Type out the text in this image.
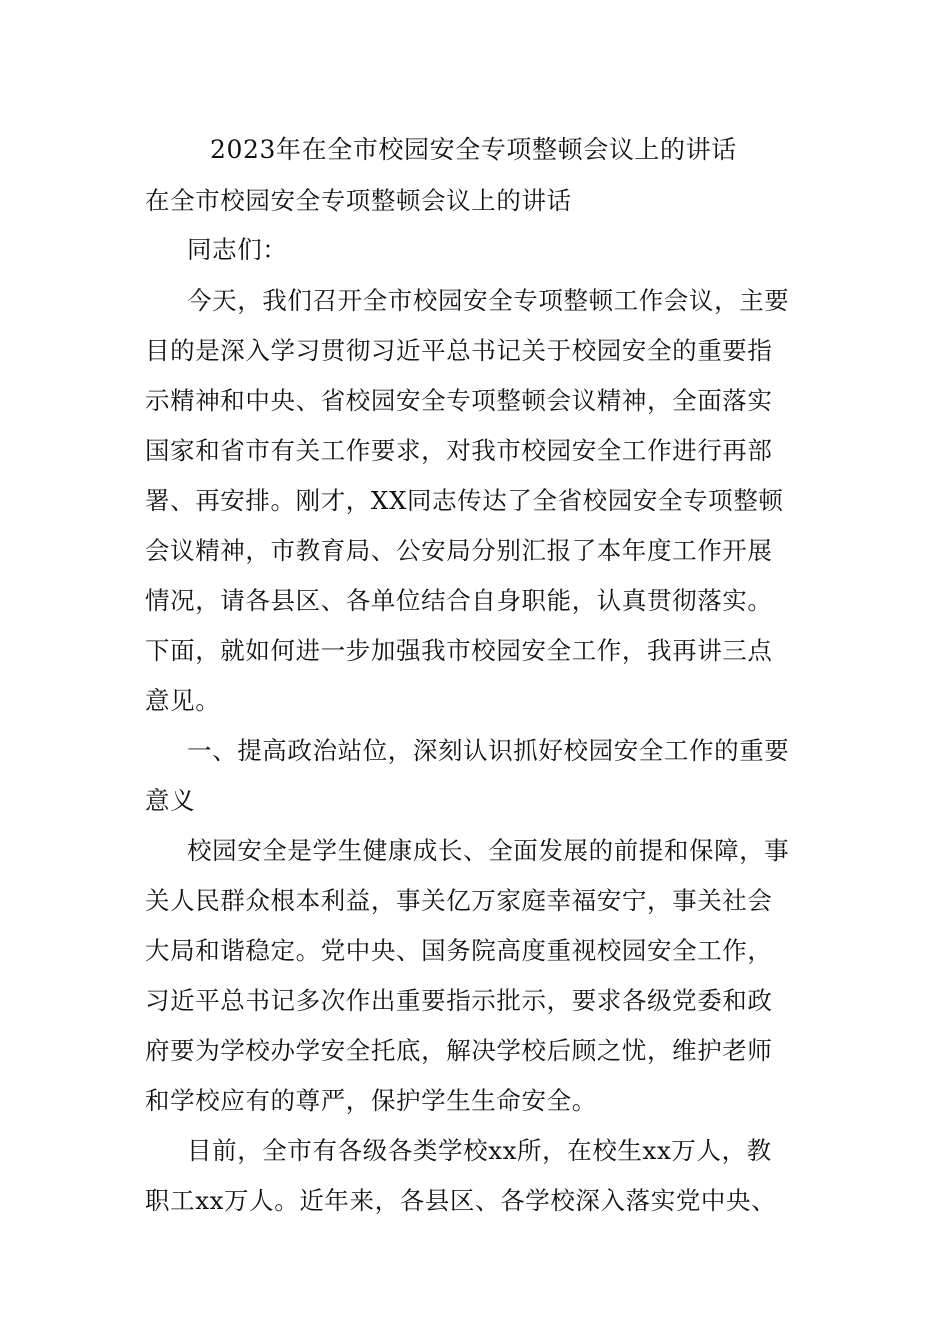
2023年在全市校园安全专项整顿会议上的讲话
在全市校园安全专项整顿会议上的讲话
同志们：
今天，我们召开全市校园安全专项整顿工作会议，主要
目的是深入学习贯彻习近平总书记关于校园安全的重要指
示精神和中央、省校园安全专项整顿会议精神，全面落实
国家和省市有关工作要求，对我市校园安全工作进行再部
署、再安排。刚才，XX同志传达了全省校园安全专项整顿
会议精神，市教育局、公安局分别汇报了本年度工作开展
情况，请各县区、各单位结合自身职能，认真贯彻落实。
下面，就如何进一步加强我市校园安全工作，我再讲三点
意见。
一、提高政治站位，深刻认识抓好校园安全工作的重要
意义
校园安全是学生健康成长、全面发展的前提和保障，事
关人民群众根本利益，事关亿万家庭幸福安宁，事关社会
大局和谐稳定。党中央、国务院高度重视校园安全工作，
习近平总书记多次作出重要指示批示，要求各级党委和政
府要为学校办学安全托底，解决学校后顾之忧，维护老师
和学校应有的尊严，保护学生生命安全。
目前，全市有各级各类学校xx所，在校生xx万人，教
职工xx万人。近年来，各县区、各学校深入落实党中央、
